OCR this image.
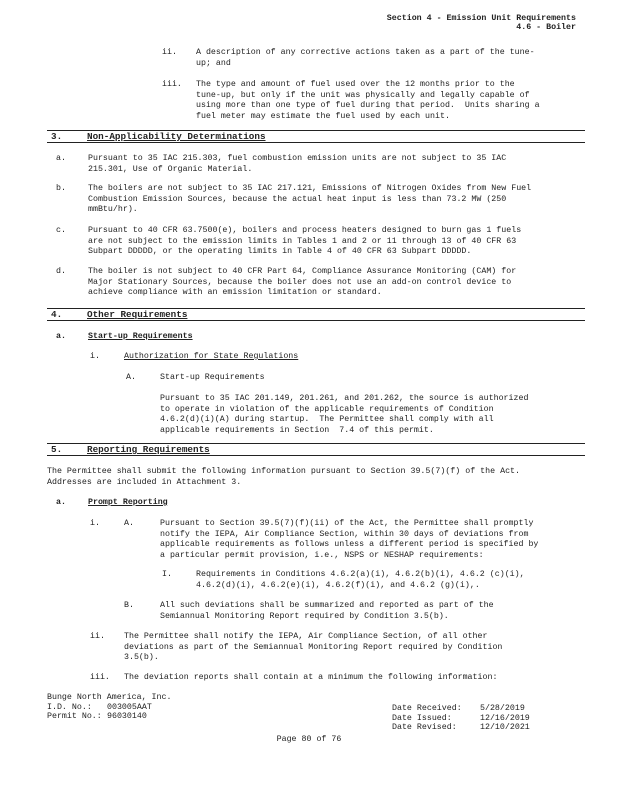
Section 4 - Emission Unit Requirements
4.6 - Boiler
ii. A description of any corrective actions taken as a part of the tune-
up; and
iii. The type and amount of fuel used over the 12 months prior to the
tune-up, but only if the unit was physically and legally capable of
using more than one type of fuel during that period.  Units sharing a
fuel meter may estimate the fuel used by each unit.
3.	Non-Applicability Determinations
a.	Pursuant to 35 IAC 215.303, fuel combustion emission units are not subject to 35 IAC
215.301, Use of Organic Material.
b.	The boilers are not subject to 35 IAC 217.121, Emissions of Nitrogen Oxides from New Fuel
Combustion Emission Sources, because the actual heat input is less than 73.2 MW (250
mmBtu/hr).
c.	Pursuant to 40 CFR 63.7500(e), boilers and process heaters designed to burn gas 1 fuels
are not subject to the emission limits in Tables 1 and 2 or 11 through 13 of 40 CFR 63
Subpart DDDDD, or the operating limits in Table 4 of 40 CFR 63 Subpart DDDDD.
d.	The boiler is not subject to 40 CFR Part 64, Compliance Assurance Monitoring (CAM) for
Major Stationary Sources, because the boiler does not use an add-on control device to
achieve compliance with an emission limitation or standard.
4.	Other Requirements
a.	Start-up Requirements
i.	Authorization for State Regulations
A.	Start-up Requirements
Pursuant to 35 IAC 201.149, 201.261, and 201.262, the source is authorized
to operate in violation of the applicable requirements of Condition
4.6.2(d)(i)(A) during startup.  The Permittee shall comply with all
applicable requirements in Section  7.4 of this permit.
5.	Reporting Requirements
The Permittee shall submit the following information pursuant to Section 39.5(7)(f) of the Act.
Addresses are included in Attachment 3.
a.	Prompt Reporting
i.	A.	Pursuant to Section 39.5(7)(f)(ii) of the Act, the Permittee shall promptly
notify the IEPA, Air Compliance Section, within 30 days of deviations from
applicable requirements as follows unless a different period is specified by
a particular permit provision, i.e., NSPS or NESHAP requirements:
I.	Requirements in Conditions 4.6.2(a)(i), 4.6.2(b)(i), 4.6.2 (c)(i),
4.6.2(d)(i), 4.6.2(e)(i), 4.6.2(f)(i), and 4.6.2 (g)(i),.
B.	All such deviations shall be summarized and reported as part of the
Semiannual Monitoring Report required by Condition 3.5(b).
ii. The Permittee shall notify the IEPA, Air Compliance Section, of all other
deviations as part of the Semiannual Monitoring Report required by Condition
3.5(b).
iii. The deviation reports shall contain at a minimum the following information:
Bunge North America, Inc.
I.D. No.: 003005AAT
Permit No.: 96030140
Date Received: 5/28/2019
Date Issued:	12/16/2019
Date Revised:	12/10/2021
Page 80 of 76
